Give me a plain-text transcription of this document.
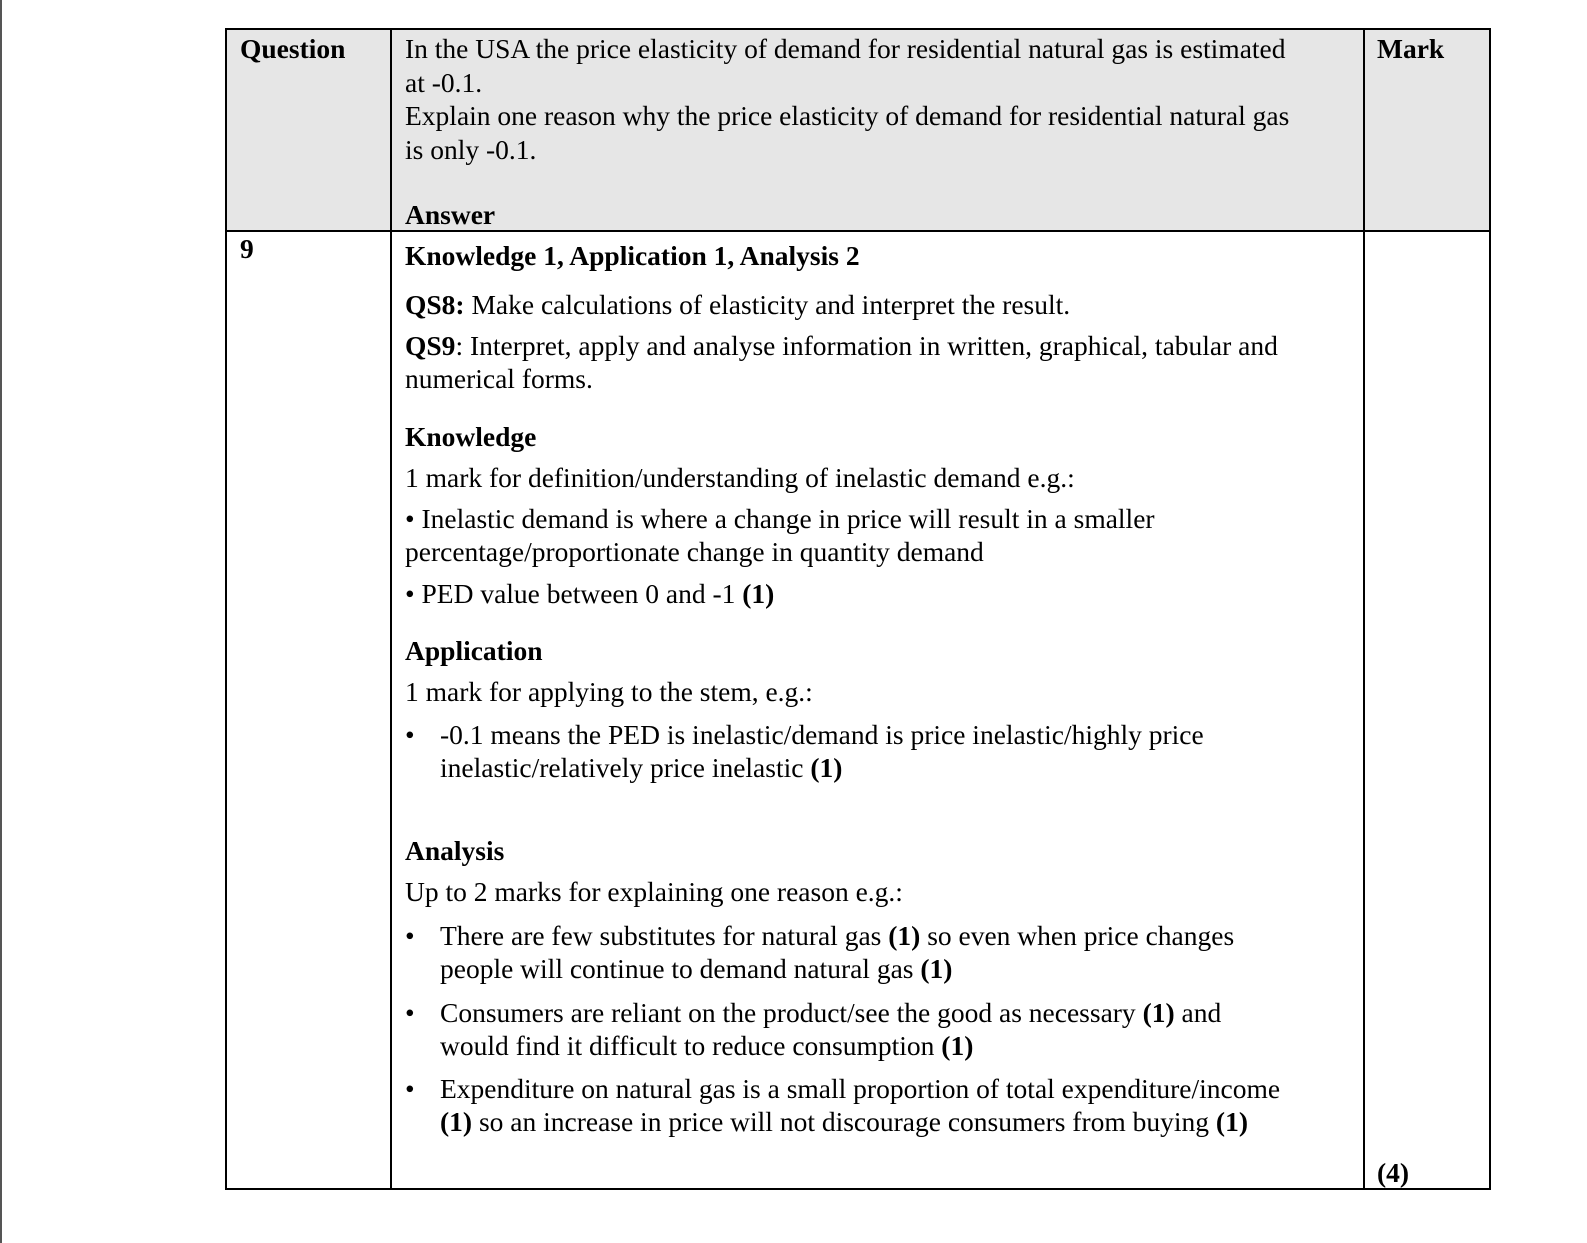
Question	Mark
In the USA the price elasticity of demand for residential natural gas is estimated
at -0.1.
Explain one reason why the price elasticity of demand for residential natural gas
is only -0.1.
Answer
9	Knowledge 1, Application 1, Analysis 2
QS8: Make calculations of elasticity and interpret the result.
QS9: Interpret, apply and analyse information in written, graphical, tabular and
numerical forms.
Knowledge
1 mark for definition/understanding of inelastic demand e.g.:
• Inelastic demand is where a change in price will result in a smaller
percentage/proportionate change in quantity demand
• PED value between 0 and -1 (1)
Application
1 mark for applying to the stem, e.g.:
• -0.1 means the PED is inelastic/demand is price inelastic/highly price
inelastic/relatively price inelastic (1)
Analysis
Up to 2 marks for explaining one reason e.g.:
• There are few substitutes for natural gas (1) so even when price changes
people will continue to demand natural gas (1)
• Consumers are reliant on the product/see the good as necessary (1) and
would find it difficult to reduce consumption (1)
• Expenditure on natural gas is a small proportion of total expenditure/income
(1) so an increase in price will not discourage consumers from buying (1)
(4)
